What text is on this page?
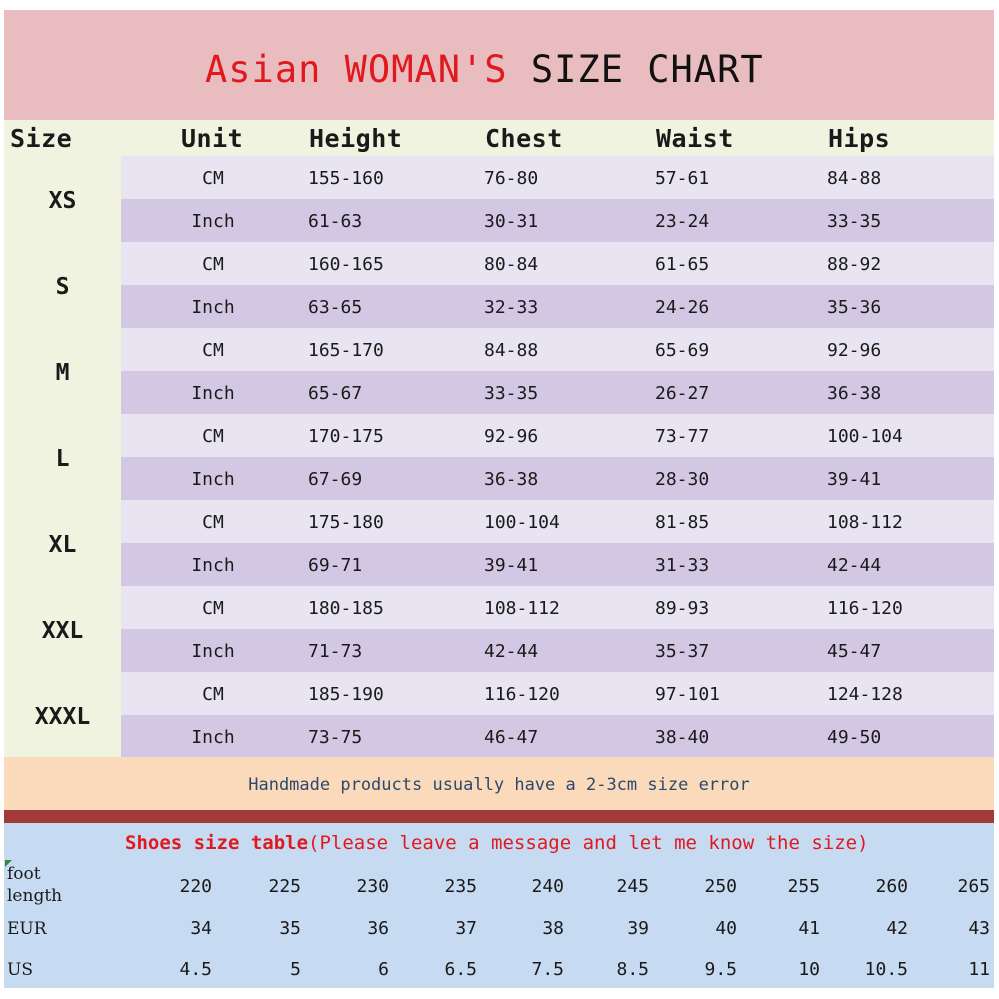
Asian WOMAN'S SIZE CHART
Size	Unit	Height	Chest	Waist	Hips
XS
CM	155-160	76-80	57-61	84-88
Inch	61-63	30-31	23-24	33-35
S
CM	160-165	80-84	61-65	88-92
Inch	63-65	32-33	24-26	35-36
M
CM	165-170	84-88	65-69	92-96
Inch	65-67	33-35	26-27	36-38
L
CM	170-175	92-96	73-77	100-104
Inch	67-69	36-38	28-30	39-41
XL
CM	175-180	100-104	81-85	108-112
Inch	69-71	39-41	31-33	42-44
XXL
CM	180-185	108-112	89-93	116-120
Inch	71-73	42-44	35-37	45-47
XXXL
CM	185-190	116-120	97-101	124-128
Inch	73-75	46-47	38-40	49-50
Handmade products usually have a 2-3cm size error
Shoes size table(Please leave a message and let me know the size)
foot
length	220	225	230	235	240	245	250	255	260	265
EUR	34	35	36	37	38	39	40	41	42	43
US	4.5	5	6	6.5	7.5	8.5	9.5	10	10.5	11
